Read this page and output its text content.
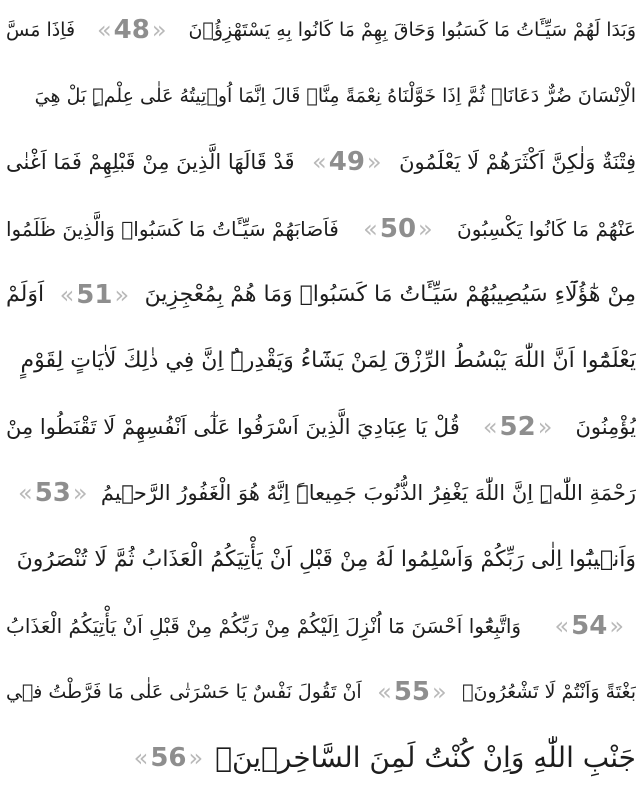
وَبَدَا لَهُمْ سَيِّـَٔاتُ مَا كَسَبُوا وَحَاقَ بِهِمْ مَا كَانُوا بِهِ يَسْتَهْزِؤُ۫نَ
« 48 »
فَاِذَا مَسَّ
الْاِنْسَانَ ضُرٌّ دَعَانَاۘ ثُمَّ اِذَا خَوَّلْنَاهُ نِعْمَةً مِنَّاۙ قَالَ اِنَّمَا اُو۫تِيتُهُ عَلٰى عِلْمٍۜ بَلْ هِيَ
فِتْنَةٌ وَلٰكِنَّ اَكْثَرَهُمْ لَا يَعْلَمُونَ
« 49 »
قَدْ قَالَهَا الَّذِينَ مِنْ قَبْلِهِمْ فَمَا اَغْنٰى
عَنْهُمْ مَا كَانُوا يَكْسِبُونَ
« 50 »
فَاَصَابَهُمْ سَيِّـَٔاتُ مَا كَسَبُواۜ وَالَّذِينَ ظَلَمُوا
مِنْ هٰٓؤُلَٓاءِ سَيُصِيبُهُمْ سَيِّـَٔاتُ مَا كَسَبُواۙ وَمَا هُمْ بِمُعْجِزِينَ
« 51 »
اَوَلَمْ
يَعْلَمُٓوا اَنَّ اللّٰهَ يَبْسُطُ الرِّزْقَ لِمَنْ يَشَٓاءُ وَيَقْدِرُۜ اِنَّ فِي ذٰلِكَ لَاٰيَاتٍ لِقَوْمٍ
يُؤْمِنُونَ
« 52 »
قُلْ يَا عِبَادِيَ الَّذِينَ اَسْرَفُوا عَلٰٓى اَنْفُسِهِمْ لَا تَقْنَطُوا مِنْ
رَحْمَةِ اللّٰهِۜ اِنَّ اللّٰهَ يَغْفِرُ الذُّنُوبَ جَمِيعاًۜ اِنَّهُ هُوَ الْغَفُورُ الرَّح۪يمُ
« 53 »
وَاَن۪يبُٓوا اِلٰى رَبِّكُمْ وَاَسْلِمُوا لَهُ مِنْ قَبْلِ اَنْ يَأْتِيَكُمُ الْعَذَابُ ثُمَّ لَا تُنْصَرُونَ
« 54 »
وَاتَّبِعُٓوا اَحْسَنَ مَٓا اُنْزِلَ اِلَيْكُمْ مِنْ رَبِّكُمْ مِنْ قَبْلِ اَنْ يَأْتِيَكُمُ الْعَذَابُ
بَغْتَةً وَاَنْتُمْ لَا تَشْعُرُونَۙ
« 55 »
اَنْ تَقُولَ نَفْسٌ يَا حَسْرَتٰى عَلٰى مَا فَرَّطْتُ ف۪ي
جَنْبِ اللّٰهِ وَاِنْ كُنْتُ لَمِنَ السَّاخِر۪ينَۙ
« 56 »
